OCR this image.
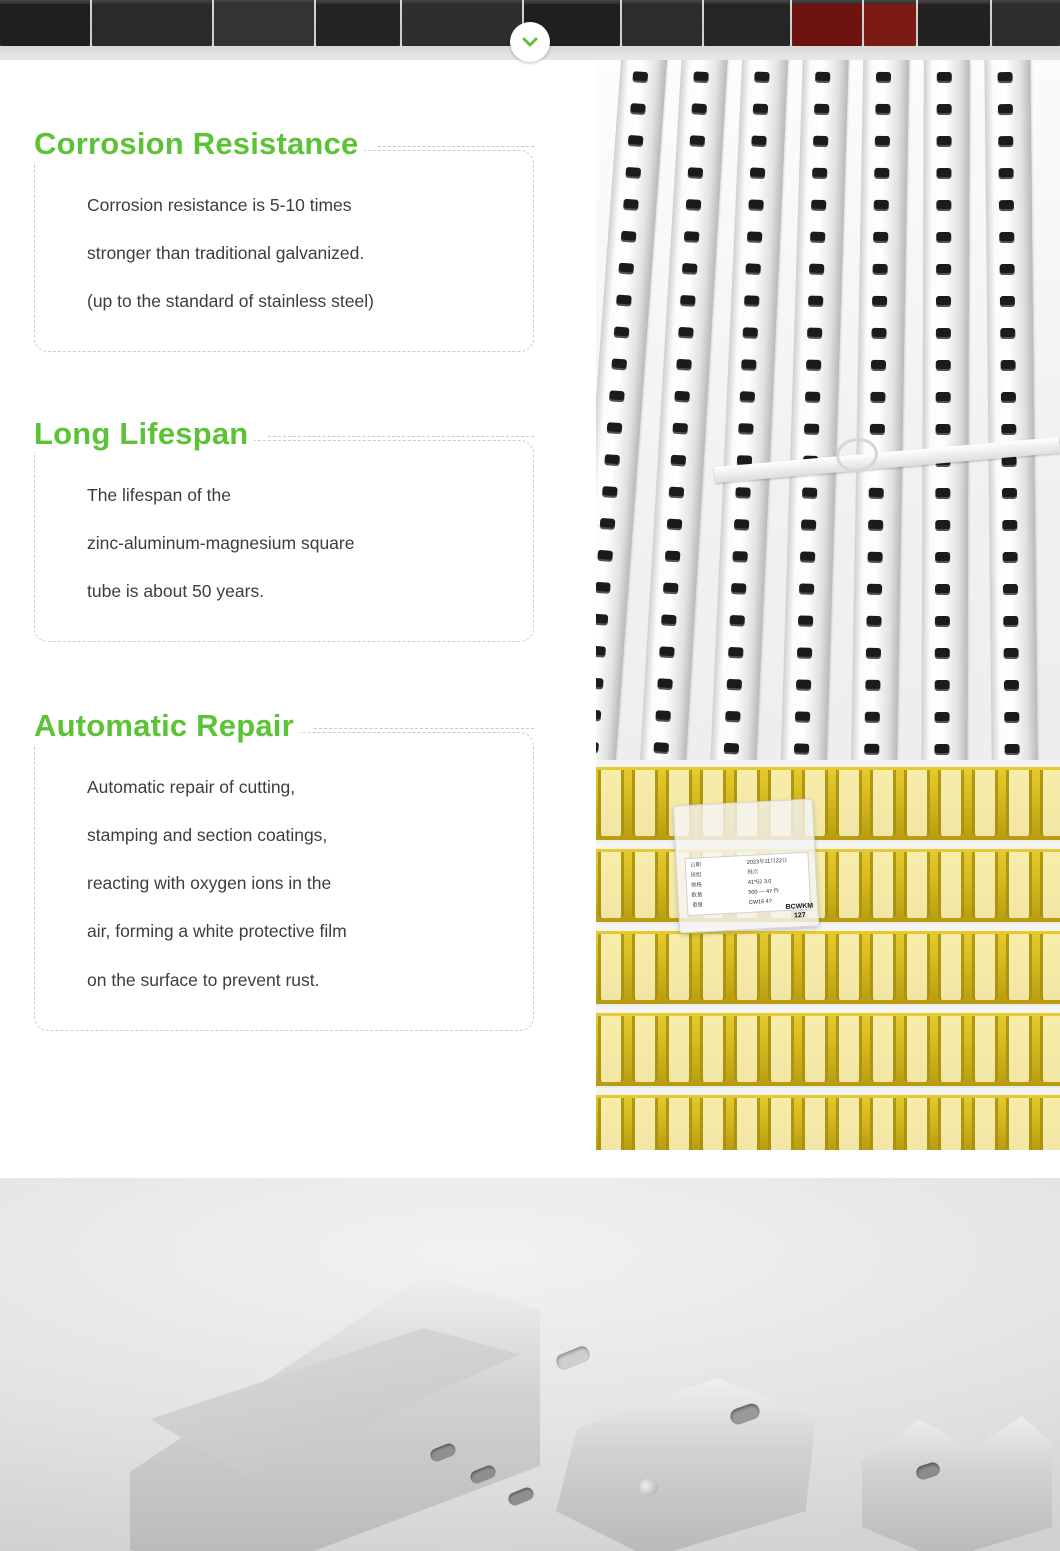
Corrosion Resistance

Corrosion resistance is 5-10 times

stronger than traditional galvanized.

(up to the standard of stainless steel)

Long Lifespan

The lifespan of the

zinc-aluminum-magnesium square

tube is about 50 years.

Automatic Repair

Automatic repair of cutting,

stamping and section coatings,

reacting with oxygen ions in the

air, forming a white protective film

on the surface to prevent rust.

日期	2023年11月22日
班组	班次
规格	41*52 3.0
数量	500 — 47 件
重量	CW16 4?
BCWKM
127
